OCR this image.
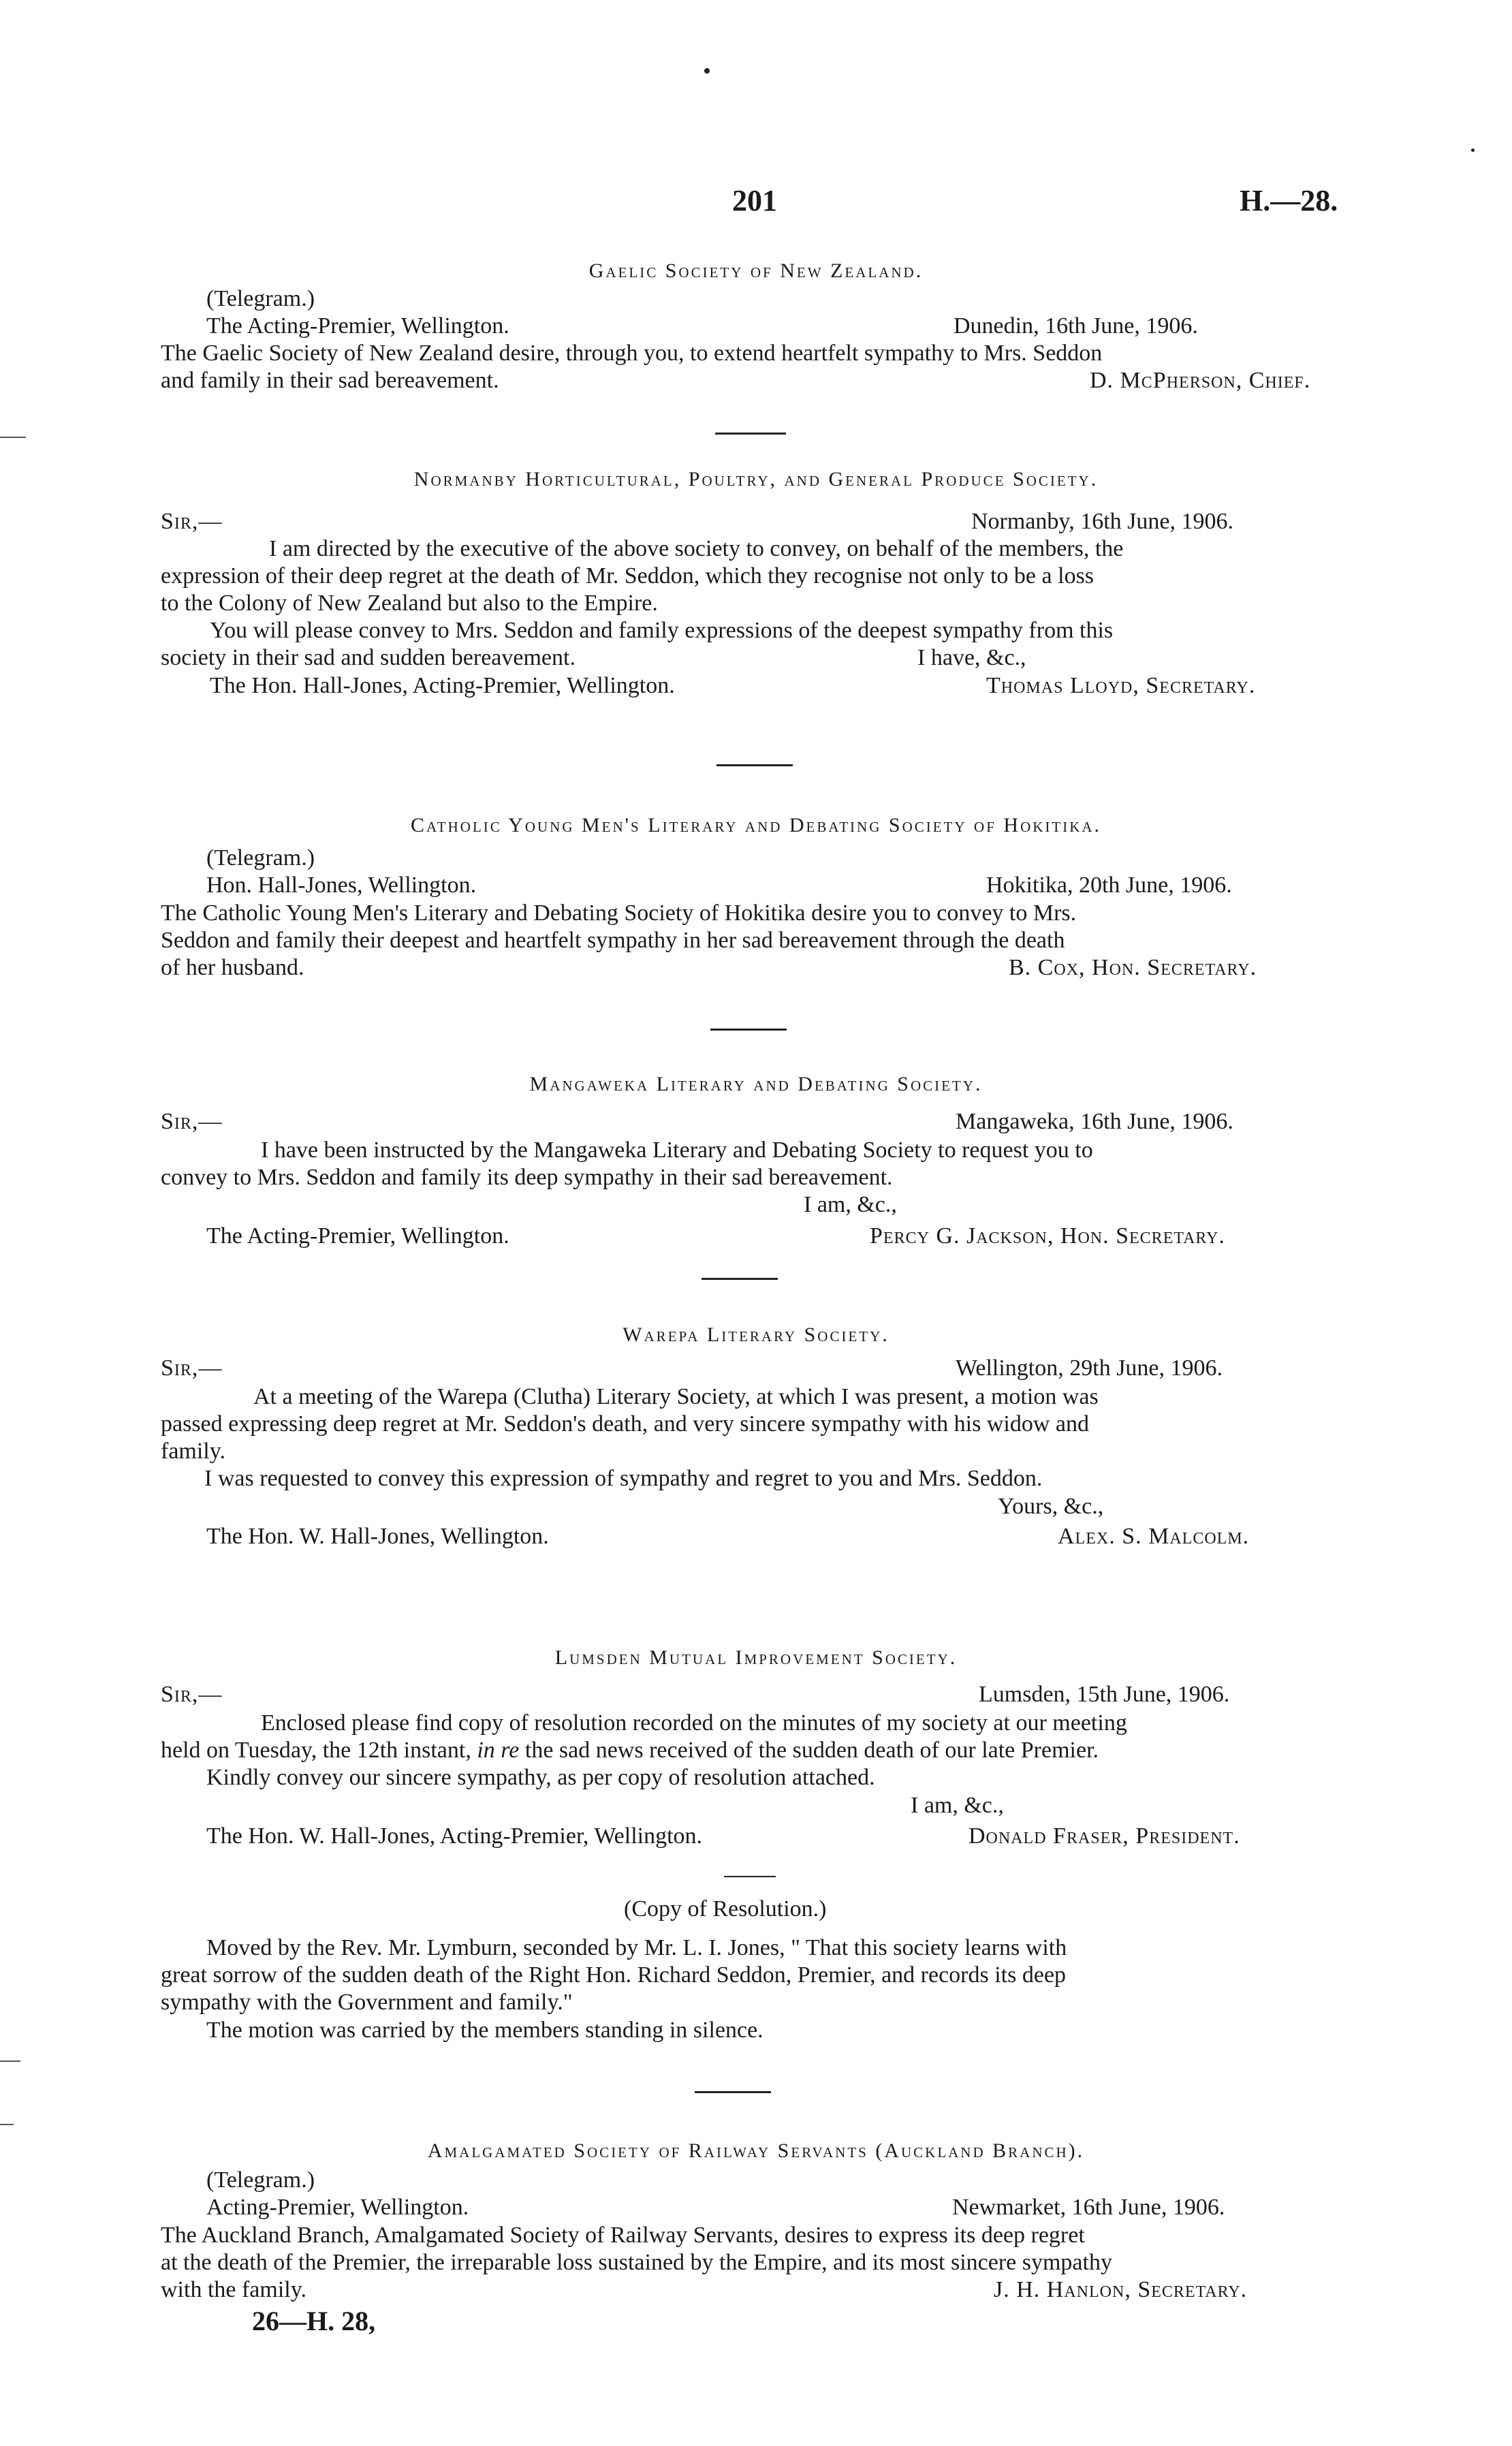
201	H.—28.
Gaelic Society of New Zealand.
(Telegram.)
The Acting-Premier, Wellington.	Dunedin, 16th June, 1906.
The Gaelic Society of New Zealand desire, through you, to extend heartfelt sympathy to Mrs. Seddon
and family in their sad bereavement.	D. McPherson, Chief.
Normanby Horticultural, Poultry, and General Produce Society.
Sir,—	Normanby, 16th June, 1906.
I am directed by the executive of the above society to convey, on behalf of the members, the
expression of their deep regret at the death of Mr. Seddon, which they recognise not only to be a loss
to the Colony of New Zealand but also to the Empire.
You will please convey to Mrs. Seddon and family expressions of the deepest sympathy from this
society in their sad and sudden bereavement.	I have, &c.,
The Hon. Hall-Jones, Acting-Premier, Wellington.	Thomas Lloyd, Secretary.
Catholic Young Men's Literary and Debating Society of Hokitika.
(Telegram.)
Hon. Hall-Jones, Wellington.	Hokitika, 20th June, 1906.
The Catholic Young Men's Literary and Debating Society of Hokitika desire you to convey to Mrs.
Seddon and family their deepest and heartfelt sympathy in her sad bereavement through the death
of her husband.	B. Cox, Hon. Secretary.
Mangaweka Literary and Debating Society.
Sir,—	Mangaweka, 16th June, 1906.
I have been instructed by the Mangaweka Literary and Debating Society to request you to
convey to Mrs. Seddon and family its deep sympathy in their sad bereavement.
I am, &c.,
The Acting-Premier, Wellington.	Percy G. Jackson, Hon. Secretary.
Warepa Literary Society.
Sir,—	Wellington, 29th June, 1906.
At a meeting of the Warepa (Clutha) Literary Society, at which I was present, a motion was
passed expressing deep regret at Mr. Seddon's death, and very sincere sympathy with his widow and
family.
I was requested to convey this expression of sympathy and regret to you and Mrs. Seddon.
Yours, &c.,
The Hon. W. Hall-Jones, Wellington.	Alex. S. Malcolm.
Lumsden Mutual Improvement Society.
Sir,—	Lumsden, 15th June, 1906.
Enclosed please find copy of resolution recorded on the minutes of my society at our meeting
held on Tuesday, the 12th instant, in re the sad news received of the sudden death of our late Premier.
Kindly convey our sincere sympathy, as per copy of resolution attached.
I am, &c.,
The Hon. W. Hall-Jones, Acting-Premier, Wellington.	Donald Fraser, President.
(Copy of Resolution.)
Moved by the Rev. Mr. Lymburn, seconded by Mr. L. I. Jones, " That this society learns with
great sorrow of the sudden death of the Right Hon. Richard Seddon, Premier, and records its deep
sympathy with the Government and family."
The motion was carried by the members standing in silence.
Amalgamated Society of Railway Servants (Auckland Branch).
(Telegram.)
Acting-Premier, Wellington.	Newmarket, 16th June, 1906.
The Auckland Branch, Amalgamated Society of Railway Servants, desires to express its deep regret
at the death of the Premier, the irreparable loss sustained by the Empire, and its most sincere sympathy
with the family.	J. H. Hanlon, Secretary.
26—H. 28,
